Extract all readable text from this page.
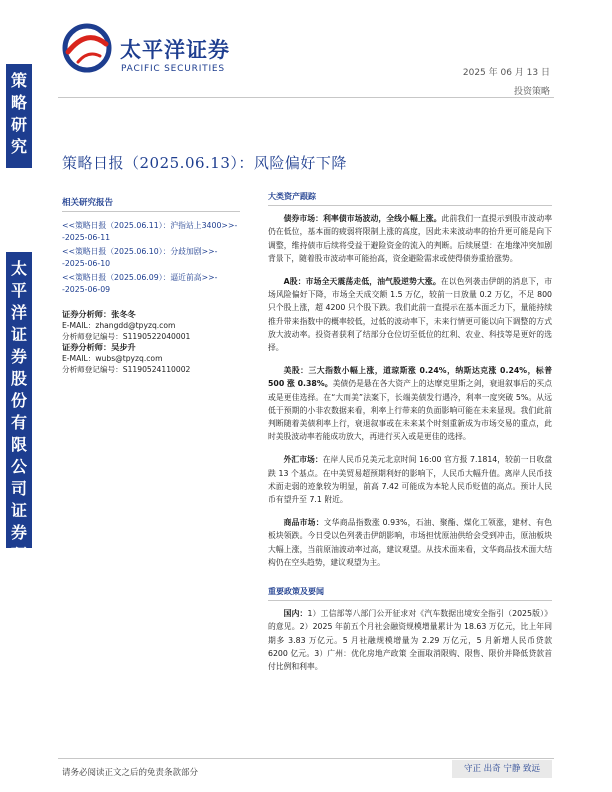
太平洋证券
PACIFIC SECURITIES	2025 年 06 月 13 日
投资策略
策略研究
太平洋证券股份有限公司证券研究报告
策略日报（2025.06.13）：风险偏好下降
相关研究报告
<<策略日报（2025.06.11）：沪指站上3400>>--2025-06-11
<<策略日报（2025.06.10）：分歧加剧>>--2025-06-10
<<策略日报（2025.06.09）：逼近前高>>--2025-06-09
证券分析师：张冬冬
E-MAIL：zhangdd@tpyzq.com
分析师登记编号：S1190522040001
证券分析师：吴步升
E-MAIL：wubs@tpyzq.com
分析师登记编号：S1190524110002
大类资产跟踪

债券市场：利率债市场波动，全线小幅上涨。此前我们一直提示到股市波动率仍在低位，基本面的疲弱将限制上涨的高度，因此未来波动率的抬升更可能是向下调整，维持债市后续将受益于避险资金的流入的判断。后续展望：在地缘冲突加剧背景下，随着股市波动率可能抬高，资金避险需求或使得债券重拾涨势。

A股：市场全天震荡走低，油气股逆势大涨。在以色列袭击伊朗的消息下，市场风险偏好下降，市场全天成交额 1.5 万亿，较前一日放量 0.2 万亿，不足 800 只个股上涨，超 4200 只个股下跌。我们此前一直提示在基本面乏力下，量能持续推升带来指数中的概率较低，过低的波动率下，未来行情更可能以向下调整的方式放大波动率。投资者获利了结部分仓位切至低位的红利、农业、科技等是更好的选择。

美股：三大指数小幅上涨，道琼斯涨 0.24%，纳斯达克涨 0.24%，标普 500 涨 0.38%。美债仍是悬在各大资产上的达摩克里斯之剑，衰退叙事后的买点或是更佳选择。在“大而美”法案下，长端美债发行遇冷，利率一度突破 5%。从远低于预期的小非农数据来看，利率上行带来的负面影响可能在未来显现。我们此前判断随着美债利率上行，衰退叙事或在未来某个时刻重新成为市场交易的重点，此时美股波动率若能成功放大，再进行买入或是更佳的选择。

外汇市场：在岸人民币兑美元北京时间 16:00 官方报 7.1814，较前一日收盘跌 13 个基点。在中美贸易超预期利好的影响下，人民币大幅升值。离岸人民币技术面走弱的迹象较为明显，前高 7.42 可能成为本轮人民币贬值的高点。预计人民币有望升至 7.1 附近。

商品市场：文华商品指数涨 0.93%，石油、聚酯、煤化工领涨，建材、有色板块领跌。今日受以色列袭击伊朗影响，市场担忧原油供给会受到冲击，原油板块大幅上涨，当前原油波动率过高，建议观望。从技术面来看，文华商品技术面大结构仍在空头趋势，建议观望为主。

重要政策及要闻

国内：1）工信部等八部门公开征求对《汽车数据出境安全指引（2025版）》的意见。2）2025 年前五个月社会融资规模增量累计为 18.63 万亿元，比上年同期多 3.83 万亿元。5 月社融规模增量为 2.29 万亿元，5 月新增人民币贷款 6200 亿元。3）广州：优化房地产政策 全面取消限购、限售、限价并降低贷款首付比例和利率。

请务必阅读正文之后的免责条款部分	守正 出奇 宁静 致远
